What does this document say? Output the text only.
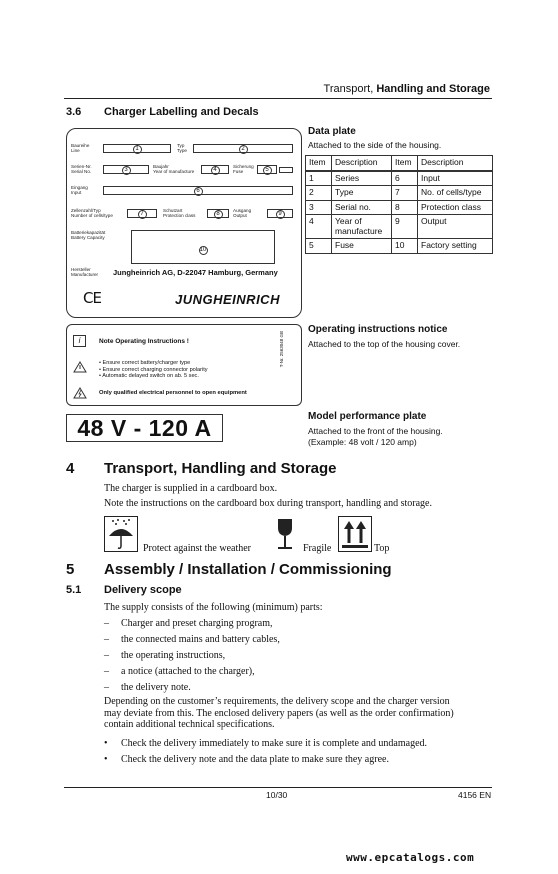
Transport, Handling and Storage
3.6 Charger Labelling and Decals
Baureihe
Line	1
Typ
Type	2
Serien-Nr.
Serial No.	3
Baujahr
Year of manufacture	4
Sicherung
Fuse	5
Eingang
Input	6
Zellenzahl/Typ
Number of cells/type	7
Schutzart
Protection class	8
Ausgang
Output	9
Batteriekapazität
Battery Capacity
10
Hersteller
Manufacturer Jungheinrich AG, D-22047 Hamburg, Germany
CE	JUNGHEINRICH
Data plate
Attached to the side of the housing.
Item	Description	Item	Description
1	Series	6	Input
2	Type	7	No. of cells/type
3	Serial no.	8	Protection class
4	Year of manufacture	9	Output
5	Fuse	10	Factory setting
i	Note Operating Instructions !
• Ensure correct battery/charger type
• Ensure correct charging connector polarity
• Automatic delayed switch on ab. 5 sec.
Only qualified electrical personnel to open equipment
T-Nr. 2563048 GB
Operating instructions notice
Attached to the top of the housing cover.
48 V - 120 A	Model performance plate
Attached to the front of the housing.
(Example: 48 volt / 120 amp)
4 Transport, Handling and Storage
The charger is supplied in a cardboard box.
Note the instructions on the cardboard box during transport, handling and storage.
Protect against the weather	Fragile	Top
5 Assembly / Installation / Commissioning
5.1 Delivery scope
The supply consists of the following (minimum) parts:
– Charger and preset charging program,
– the connected mains and battery cables,
– the operating instructions,
– a notice (attached to the charger),
– the delivery note.
Depending on the customer’s requirements, the delivery scope and the charger version
may deviate from this. The enclosed delivery papers (as well as the order confirmation)
contain additional technical specifications.
• Check the delivery immediately to make sure it is complete and undamaged.
• Check the delivery note and the data plate to make sure they agree.
10/30	4156 EN
www.epcatalogs.com
